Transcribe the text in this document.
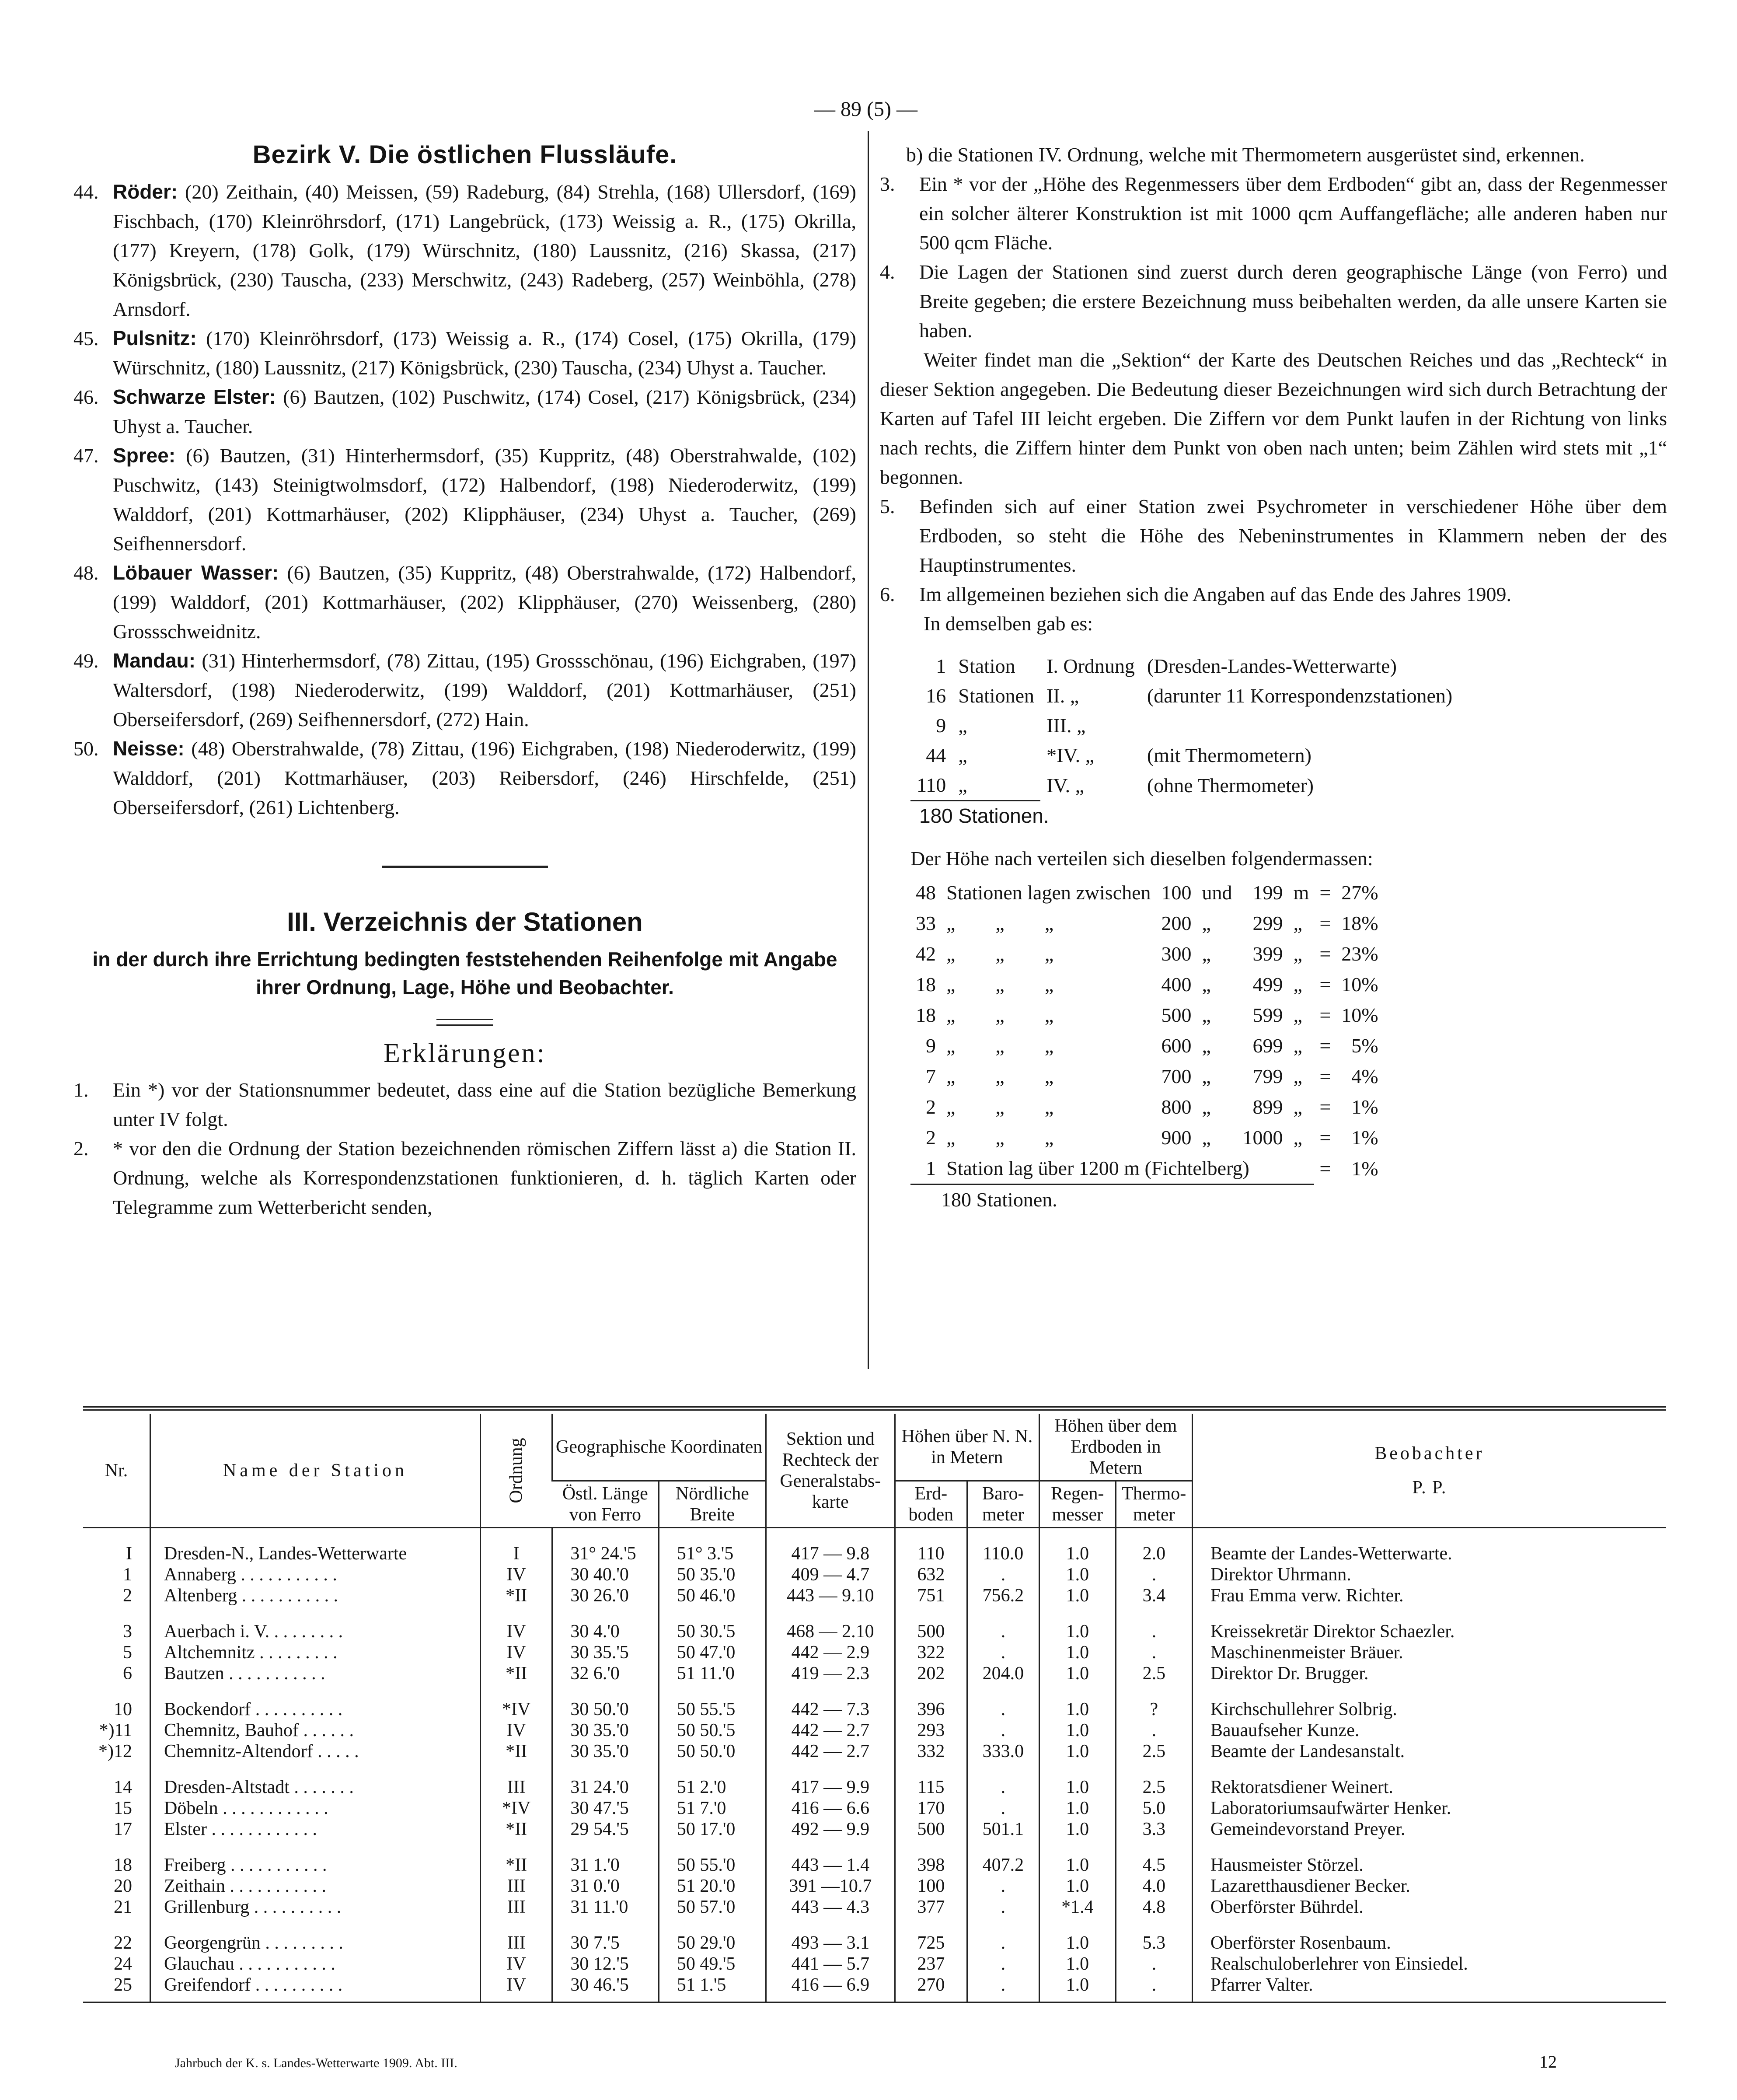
— 89 (5) —
Bezirk V. Die östlichen Flussläufe.
44. Röder: (20) Zeithain, (40) Meissen, (59) Radeburg, (84) Strehla, (168) Ullersdorf, (169) Fischbach, (170) Kleinröhrsdorf, (171) Langebrück, (173) Weissig a. R., (175) Okrilla, (177) Kreyern, (178) Golk, (179) Würschnitz, (180) Laussnitz, (216) Skassa, (217) Königsbrück, (230) Tauscha, (233) Merschwitz, (243) Radeberg, (257) Weinböhla, (278) Arnsdorf.
45. Pulsnitz: (170) Kleinröhrsdorf, (173) Weissig a. R., (174) Cosel, (175) Okrilla, (179) Würschnitz, (180) Laussnitz, (217) Königsbrück, (230) Tauscha, (234) Uhyst a. Taucher.
46. Schwarze Elster: (6) Bautzen, (102) Puschwitz, (174) Cosel, (217) Königsbrück, (234) Uhyst a. Taucher.
47. Spree: (6) Bautzen, (31) Hinterhermsdorf, (35) Kuppritz, (48) Oberstrahwalde, (102) Puschwitz, (143) Steinigtwolmsdorf, (172) Halbendorf, (198) Niederoderwitz, (199) Walddorf, (201) Kottmarhäuser, (202) Klipphäuser, (234) Uhyst a. Taucher, (269) Seifhennersdorf.
48. Löbauer Wasser: (6) Bautzen, (35) Kuppritz, (48) Oberstrahwalde, (172) Halbendorf, (199) Walddorf, (201) Kottmarhäuser, (202) Klipphäuser, (270) Weissenberg, (280) Grossschweidnitz.
49. Mandau: (31) Hinterhermsdorf, (78) Zittau, (195) Grossschönau, (196) Eichgraben, (197) Waltersdorf, (198) Niederoderwitz, (199) Walddorf, (201) Kottmarhäuser, (251) Oberseifersdorf, (269) Seifhennersdorf, (272) Hain.
50. Neisse: (48) Oberstrahwalde, (78) Zittau, (196) Eichgraben, (198) Niederoderwitz, (199) Walddorf, (201) Kottmarhäuser, (203) Reibersdorf, (246) Hirschfelde, (251) Oberseifersdorf, (261) Lichtenberg.
III. Verzeichnis der Stationen
in der durch ihre Errichtung bedingten feststehenden Reihenfolge mit Angabe ihrer Ordnung, Lage, Höhe und Beobachter.
Erklärungen:
1. Ein *) vor der Stationsnummer bedeutet, dass eine auf die Station bezügliche Bemerkung unter IV folgt.
2. * vor den die Ordnung der Station bezeichnenden römischen Ziffern lässt a) die Station II. Ordnung, welche als Korrespondenzstationen funktionieren, d. h. täglich Karten oder Telegramme zum Wetterbericht senden,
b) die Stationen IV. Ordnung, welche mit Thermometern ausgerüstet sind, erkennen.
3. Ein * vor der „Höhe des Regenmessers über dem Erdboden“ gibt an, dass der Regenmesser ein solcher älterer Konstruktion ist mit 1000 qcm Auffangefläche; alle anderen haben nur 500 qcm Fläche.
4. Die Lagen der Stationen sind zuerst durch deren geographische Länge (von Ferro) und Breite gegeben; die erstere Bezeichnung muss beibehalten werden, da alle unsere Karten sie haben.
Weiter findet man die „Sektion“ der Karte des Deutschen Reiches und das „Rechteck“ in dieser Sektion angegeben. Die Bedeutung dieser Bezeichnungen wird sich durch Betrachtung der Karten auf Tafel III leicht ergeben. Die Ziffern vor dem Punkt laufen in der Richtung von links nach rechts, die Ziffern hinter dem Punkt von oben nach unten; beim Zählen wird stets mit „1“ begonnen.
5. Befinden sich auf einer Station zwei Psychrometer in verschiedener Höhe über dem Erdboden, so steht die Höhe des Nebeninstrumentes in Klammern neben der des Hauptinstrumentes.
6. Im allgemeinen beziehen sich die Angaben auf das Ende des Jahres 1909.
In demselben gab es:
1	Station	I. Ordnung	(Dresden-Landes-Wetterwarte)
16	Stationen	II. „	(darunter 11 Korrespondenzstationen)
9	„	III. „	
44	„	*IV. „	(mit Thermometern)
110	„	IV. „	(ohne Thermometer)
180 Stationen.
Der Höhe nach verteilen sich dieselben folgendermassen:
48	Stationen lagen zwischen	100	und	199	m	=	27%
33	„        „        „	200	„	299	„	=	18%
42	„        „        „	300	„	399	„	=	23%
18	„        „        „	400	„	499	„	=	10%
18	„        „        „	500	„	599	„	=	10%
9	„        „        „	600	„	699	„	=	5%
7	„        „        „	700	„	799	„	=	4%
2	„        „        „	800	„	899	„	=	1%
2	„        „        „	900	„	1000	„	=	1%
1	Station lag über 1200 m (Fichtelberg)					=	1%
180 Stationen.
Nr.	Name der Station	Ordnung	Geographische Koordinaten		Sektion und Rechteck der Generalstabs-karte	Höhen über N. N. in Metern		Höhen über dem Erdboden in Metern		Beobachter
P. P.

			Östl. Länge von Ferro	Nördliche Breite		Erd-boden	Baro-meter	Regen-messer	Thermo-meter	

I	Dresden-N., Landes-Wetterwarte	I	31° 24.'5	51° 3.'5	417 — 9.8	110	110.0	1.0	2.0	Beamte der Landes-Wetterwarte.
1	Annaberg . . . . . . . . . . .	IV	30 40.'0	50 35.'0	409 — 4.7	632	.	1.0	.	Direktor Uhrmann.
2	Altenberg . . . . . . . . . . .	*II	30 26.'0	50 46.'0	443 — 9.10	751	756.2	1.0	3.4	Frau Emma verw. Richter.

3	Auerbach i. V. . . . . . . . .	IV	30 4.'0	50 30.'5	468 — 2.10	500	.	1.0	.	Kreissekretär Direktor Schaezler.
5	Altchemnitz . . . . . . . . .	IV	30 35.'5	50 47.'0	442 — 2.9	322	.	1.0	.	Maschinenmeister Bräuer.
6	Bautzen . . . . . . . . . . .	*II	32 6.'0	51 11.'0	419 — 2.3	202	204.0	1.0	2.5	Direktor Dr. Brugger.

10	Bockendorf . . . . . . . . . .	*IV	30 50.'0	50 55.'5	442 — 7.3	396	.	1.0	?	Kirchschullehrer Solbrig.
*)11	Chemnitz, Bauhof . . . . . .	IV	30 35.'0	50 50.'5	442 — 2.7	293	.	1.0	.	Bauaufseher Kunze.
*)12	Chemnitz-Altendorf . . . . .	*II	30 35.'0	50 50.'0	442 — 2.7	332	333.0	1.0	2.5	Beamte der Landesanstalt.

14	Dresden-Altstadt . . . . . . .	III	31 24.'0	51 2.'0	417 — 9.9	115	.	1.0	2.5	Rektoratsdiener Weinert.
15	Döbeln . . . . . . . . . . . .	*IV	30 47.'5	51 7.'0	416 — 6.6	170	.	1.0	5.0	Laboratoriumsaufwärter Henker.
17	Elster . . . . . . . . . . . .	*II	29 54.'5	50 17.'0	492 — 9.9	500	501.1	1.0	3.3	Gemeindevorstand Preyer.

18	Freiberg . . . . . . . . . . .	*II	31 1.'0	50 55.'0	443 — 1.4	398	407.2	1.0	4.5	Hausmeister Störzel.
20	Zeithain . . . . . . . . . . .	III	31 0.'0	51 20.'0	391 —10.7	100	.	1.0	4.0	Lazaretthausdiener Becker.
21	Grillenburg . . . . . . . . . .	III	31 11.'0	50 57.'0	443 — 4.3	377	.	*1.4	4.8	Oberförster Bührdel.

22	Georgengrün . . . . . . . . .	III	30 7.'5	50 29.'0	493 — 3.1	725	.	1.0	5.3	Oberförster Rosenbaum.
24	Glauchau . . . . . . . . . . .	IV	30 12.'5	50 49.'5	441 — 5.7	237	.	1.0	.	Realschuloberlehrer von Einsiedel.
25	Greifendorf . . . . . . . . . .	IV	30 46.'5	51 1.'5	416 — 6.9	270	.	1.0	.	Pfarrer Valter.

Jahrbuch der K. s. Landes-Wetterwarte 1909. Abt. III.	12
